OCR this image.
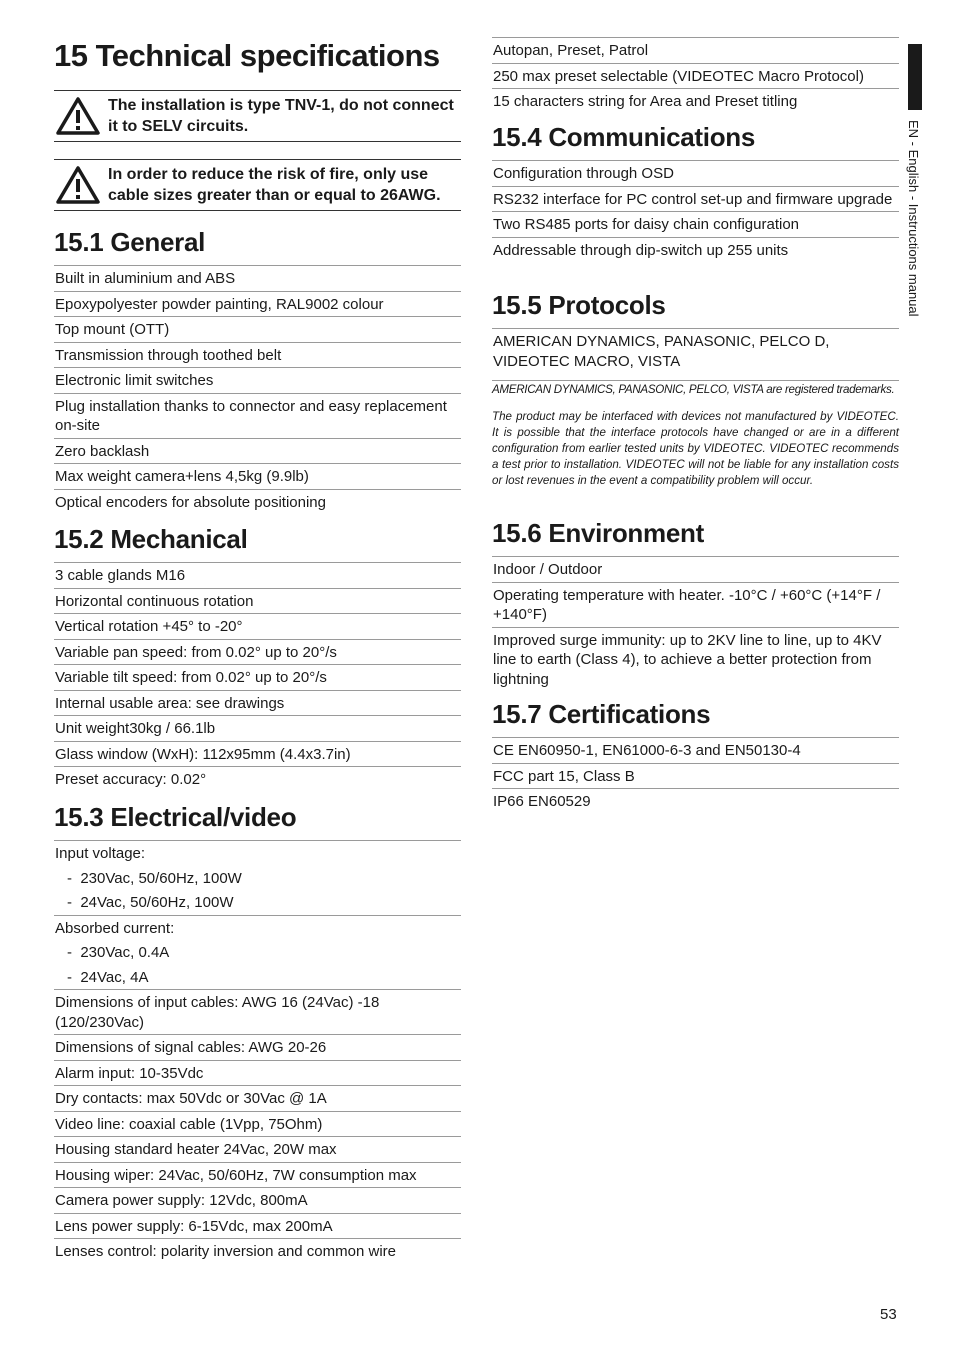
15 Technical specifications
The installation is type TNV-1, do not connect it to SELV circuits.
In order to reduce the risk of fire, only use cable sizes greater than or equal to 26AWG.
15.1 General
Built in aluminium and ABS
Epoxypolyester powder painting, RAL9002 colour
Top mount (OTT)
Transmission through toothed belt
Electronic limit switches
Plug installation thanks to connector and easy replacement on-site
Zero backlash
Max weight camera+lens 4,5kg (9.9lb)
Optical encoders for absolute positioning
15.2 Mechanical
3 cable glands M16
Horizontal continuous rotation
Vertical rotation +45° to -20°
Variable pan speed: from 0.02° up to 20°/s
Variable tilt speed: from 0.02° up to 20°/s
Internal usable area: see drawings
Unit weight30kg / 66.1lb
Glass window (WxH): 112x95mm (4.4x3.7in)
Preset accuracy: 0.02°
15.3 Electrical/video
Input voltage:
-  230Vac, 50/60Hz, 100W
-  24Vac, 50/60Hz, 100W
Absorbed current:
-  230Vac, 0.4A
-  24Vac, 4A
Dimensions of input cables: AWG 16 (24Vac) -18 (120/230Vac)
Dimensions of signal cables: AWG 20-26
Alarm input: 10-35Vdc
Dry contacts: max 50Vdc or 30Vac @ 1A
Video line: coaxial cable (1Vpp, 75Ohm)
Housing standard heater 24Vac, 20W max
Housing wiper: 24Vac, 50/60Hz, 7W consumption max
Camera power supply: 12Vdc, 800mA
Lens power supply: 6-15Vdc, max 200mA
Lenses control: polarity inversion and common wire
Autopan, Preset, Patrol
250 max preset selectable (VIDEOTEC Macro Protocol)
15 characters string for Area and Preset titling
15.4 Communications
Configuration through OSD
RS232 interface for PC control set-up and firmware upgrade
Two RS485 ports for daisy chain configuration
Addressable through dip-switch up 255 units
15.5 Protocols
AMERICAN DYNAMICS, PANASONIC, PELCO D, VIDEOTEC MACRO, VISTA
AMERICAN DYNAMICS, PANASONIC, PELCO, VISTA are registered trademarks.
The product may be interfaced with devices not manufactured by VIDEOTEC. It is possible that the interface protocols have changed or are in a different configuration from earlier tested units by VIDEOTEC. VIDEOTEC recommends a test prior to installation. VIDEOTEC will not be liable for any installation costs or lost revenues in the event a compatibility problem will occur.
15.6 Environment
Indoor / Outdoor
Operating temperature with heater. -10°C / +60°C (+14°F / +140°F)
Improved surge immunity: up to 2KV line to line, up to 4KV line to earth (Class 4), to achieve a better protection from lightning
15.7 Certifications
CE EN60950-1, EN61000-6-3 and EN50130-4
FCC part 15, Class B
IP66 EN60529
EN - English - Instructions manual
53
